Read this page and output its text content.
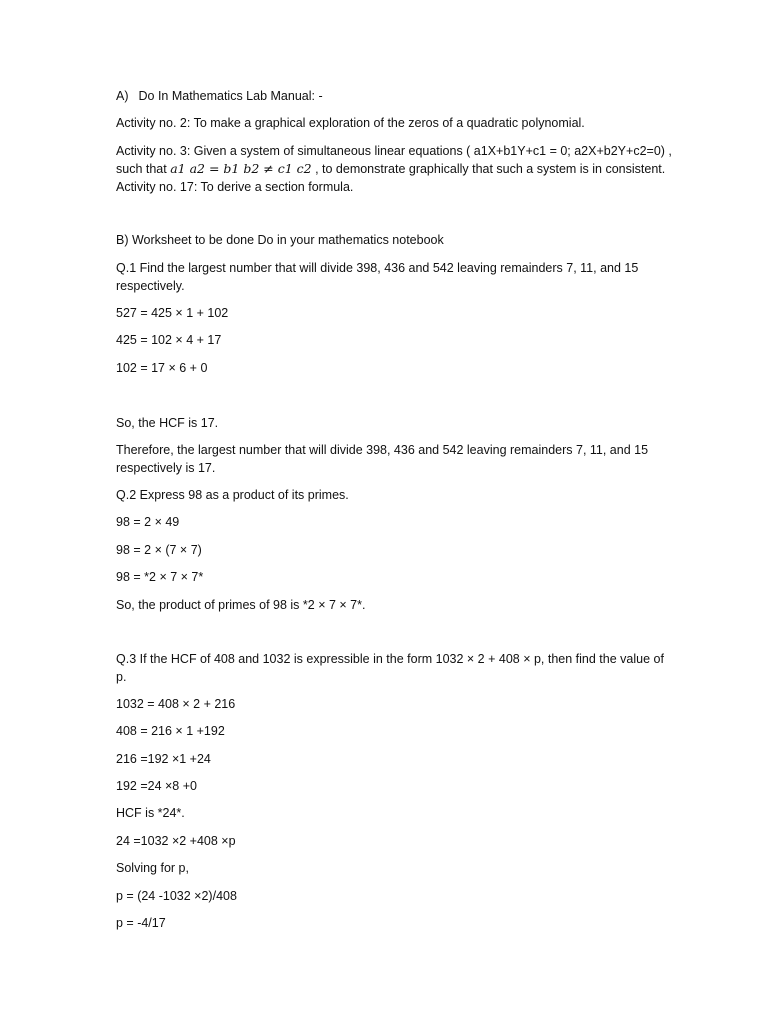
A) Do In Mathematics Lab Manual: -

Activity no. 2: To make a graphical exploration of the zeros of a quadratic polynomial.

Activity no. 3: Given a system of simultaneous linear equations ( a1X+b1Y+c1 = 0; a2X+b2Y+c2=0) , such that a1 a2 = b1 b2 ≠ c1 c2 , to demonstrate graphically that such a system is in consistent. Activity no. 17: To derive a section formula.

B) Worksheet to be done Do in your mathematics notebook

Q.1 Find the largest number that will divide 398, 436 and 542 leaving remainders 7, 11, and 15 respectively.

527 = 425 × 1 + 102

425 = 102 × 4 + 17

102 = 17 × 6 + 0

So, the HCF is 17.

Therefore, the largest number that will divide 398, 436 and 542 leaving remainders 7, 11, and 15 respectively is 17.

Q.2 Express 98 as a product of its primes.

98 = 2 × 49

98 = 2 × (7 × 7)

98 = *2 × 7 × 7*

So, the product of primes of 98 is *2 × 7 × 7*.

Q.3 If the HCF of 408 and 1032 is expressible in the form 1032 × 2 + 408 × p, then find the value of p.

1032 = 408 × 2 + 216

408 = 216 × 1 +192

216 =192 ×1 +24

192 =24 ×8 +0

HCF is *24*.

24 =1032 ×2 +408 ×p

Solving for p,

p = (24 -1032 ×2)/408

p = -4/17
